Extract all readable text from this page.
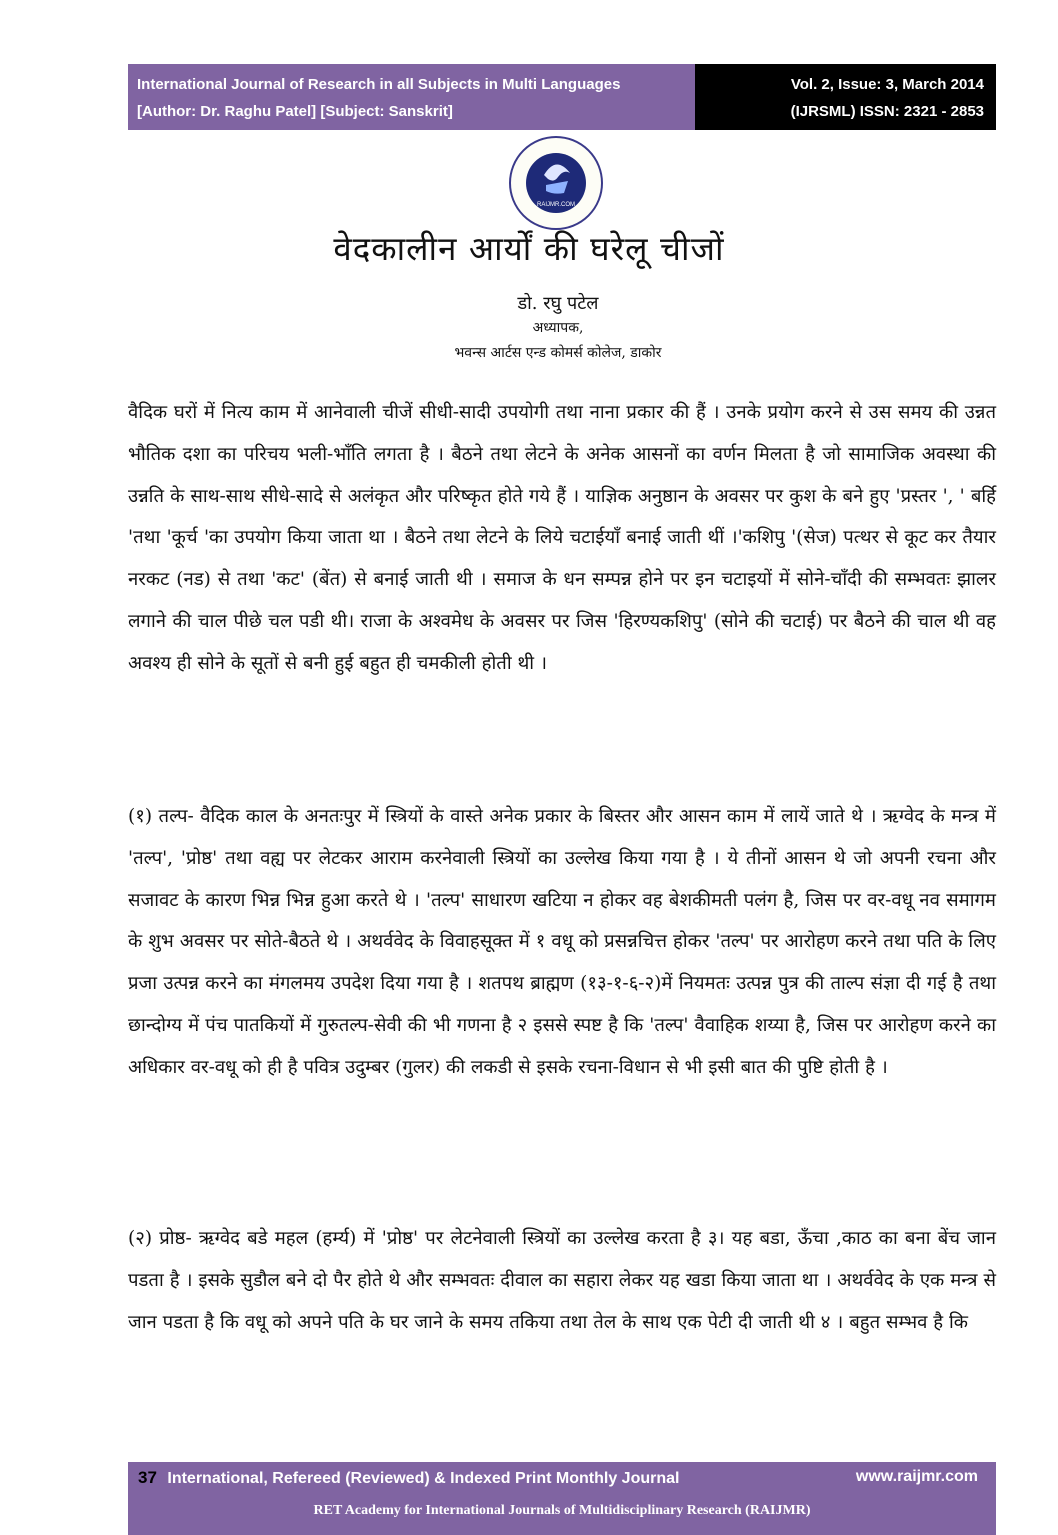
International Journal of Research in all Subjects in Multi Languages
[Author: Dr. Raghu Patel] [Subject: Sanskrit]
Vol. 2, Issue: 3, March 2014
(IJRSML) ISSN: 2321 - 2853
RAIJMR.COM
वेदकालीन आर्यों की घरेलू चीजों
डो. रघु पटेल
अध्यापक,
भवन्स आर्टस एन्ड कोमर्स कोलेज, डाकोर
वैदिक घरों में नित्य काम में आनेवाली चीजें सीधी-सादी उपयोगी तथा नाना प्रकार की हैं । उनके प्रयोग करने से उस समय की उन्नत भौतिक दशा का परिचय भली-भाँति लगता है । बैठने तथा लेटने के अनेक आसनों का वर्णन मिलता है जो सामाजिक अवस्था की उन्नति के साथ-साथ सीधे-सादे से अलंकृत और परिष्कृत होते गये हैं । याज्ञिक अनुष्ठान के अवसर पर कुश के बने हुए 'प्रस्तर ', ' बर्हि 'तथा 'कूर्च 'का उपयोग किया जाता था । बैठने तथा लेटने के लिये चटाईयाँ बनाई जाती थीं ।'कशिपु '(सेज) पत्थर से कूट कर तैयार नरकट (नड) से तथा 'कट' (बेंत) से बनाई जाती थी । समाज के धन सम्पन्न होने पर इन चटाइयों में सोने-चाँदी की सम्भवतः झालर लगाने की चाल पीछे चल पडी थी। राजा के अश्वमेध के अवसर पर जिस 'हिरण्यकशिपु' (सोने की चटाई) पर बैठने की चाल थी वह अवश्य ही सोने के सूतों से बनी हुई बहुत ही चमकीली होती थी ।
(१) तल्प- वैदिक काल के अनतःपुर में स्त्रियों के वास्ते अनेक प्रकार के बिस्तर और आसन काम में लायें जाते थे । ऋग्वेद के मन्त्र में 'तल्प', 'प्रोष्ठ' तथा वह्य पर लेटकर आराम करनेवाली स्त्रियों का उल्लेख किया गया है । ये तीनों आसन थे जो अपनी रचना और सजावट के कारण भिन्न भिन्न हुआ करते थे । 'तल्प' साधारण खटिया न होकर वह बेशकीमती पलंग है, जिस पर वर-वधू नव समागम के शुभ अवसर पर सोते-बैठते थे । अथर्ववेद के विवाहसूक्त में १ वधू को प्रसन्नचित्त होकर 'तल्प' पर आरोहण करने तथा पति के लिए प्रजा उत्पन्न करने का मंगलमय उपदेश दिया गया है । शतपथ ब्राह्मण (१३-१-६-२)में नियमतः उत्पन्न पुत्र की ताल्प संज्ञा दी गई है तथा छान्दोग्य में पंच पातकियों में गुरुतल्प-सेवी की भी गणना है २ इससे स्पष्ट है कि 'तल्प' वैवाहिक शय्या है, जिस पर आरोहण करने का अधिकार वर-वधू को ही है पवित्र उदुम्बर (गुलर) की लकडी से इसके रचना-विधान से भी इसी बात की पुष्टि होती है ।
(२) प्रोष्ठ- ऋग्वेद बडे महल (हर्म्य) में 'प्रोष्ठ' पर लेटनेवाली स्त्रियों का उल्लेख करता है ३। यह बडा, ऊँचा ,काठ का बना बेंच जान पडता है । इसके सुडौल बने दो पैर होते थे और सम्भवतः दीवाल का सहारा लेकर यह खडा किया जाता था । अथर्ववेद के एक मन्त्र से जान पडता है कि वधू को अपने पति के घर जाने के समय तकिया तथा तेल के साथ एक पेटी दी जाती थी ४ । बहुत सम्भव है कि
37 International, Refereed (Reviewed) & Indexed Print Monthly Journal	www.raijmr.com
RET Academy for International Journals of Multidisciplinary Research (RAIJMR)
